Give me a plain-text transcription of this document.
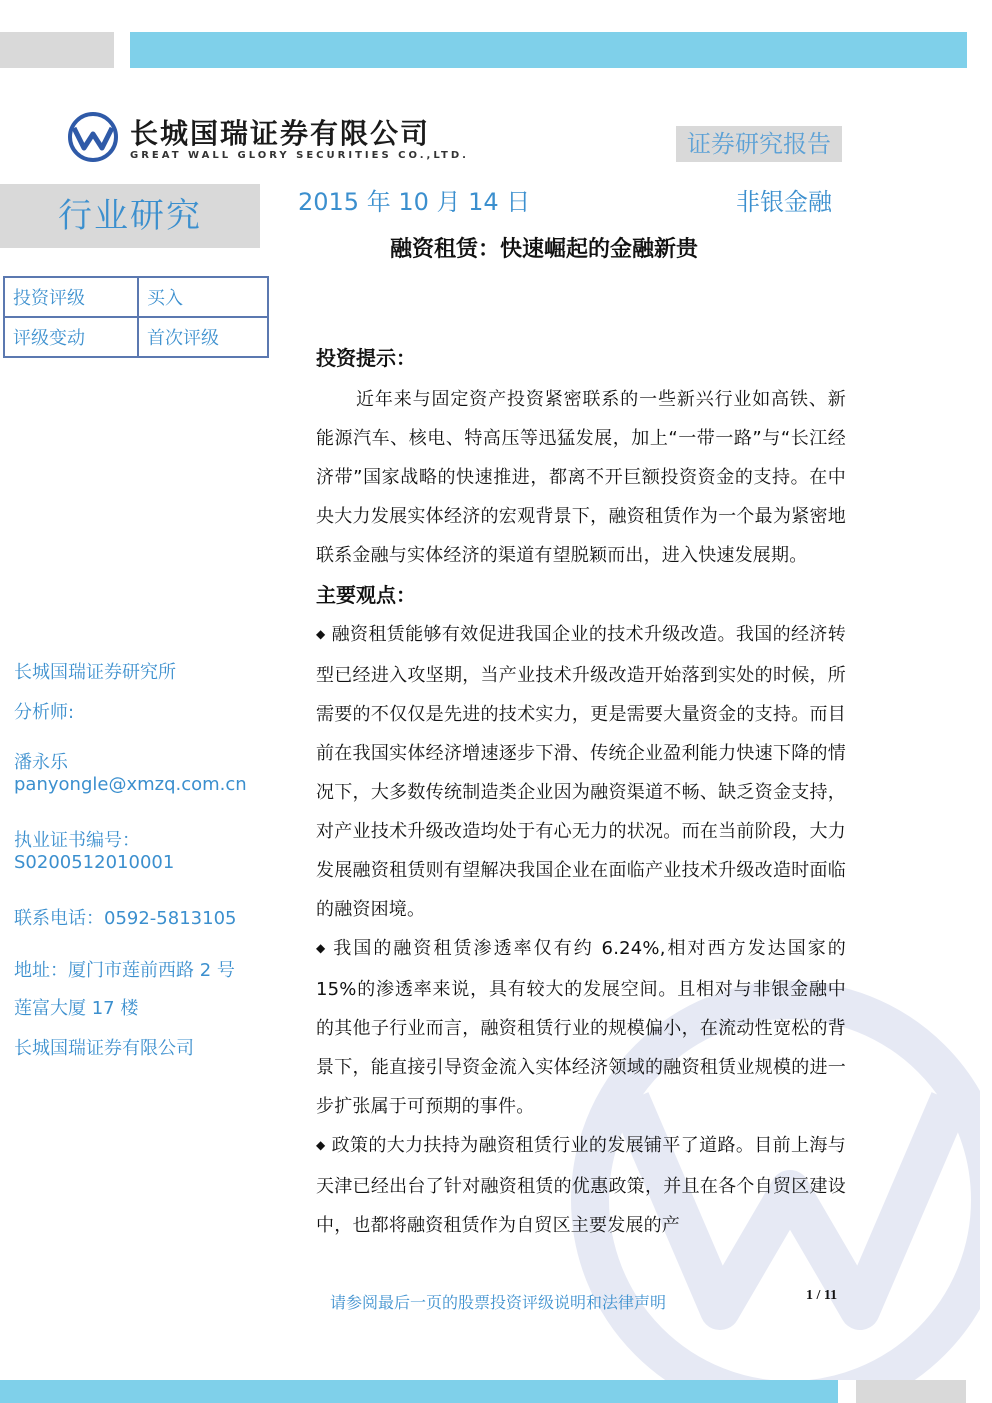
长城国瑞证券有限公司
GREAT WALL GLORY SECURITIES CO.,LTD.	证券研究报告
行业研究	2015 年 10 月 14 日	非银金融
融资租赁：快速崛起的金融新贵
投资评级	买入
评级变动	首次评级
长城国瑞证券研究所
分析师:
潘永乐
panyongle@xmzq.com.cn
执业证书编号：
S0200512010001
联系电话：0592-5813105
地址：厦门市莲前西路 2 号
莲富大厦 17 楼
长城国瑞证券有限公司
投资提示：
近年来与固定资产投资紧密联系的一些新兴行业如高铁、新能源汽车、核电、特高压等迅猛发展，加上“一带一路”与“长江经济带”国家战略的快速推进，都离不开巨额投资资金的支持。在中央大力发展实体经济的宏观背景下，融资租赁作为一个最为紧密地联系金融与实体经济的渠道有望脱颖而出，进入快速发展期。
主要观点：
◆ 融资租赁能够有效促进我国企业的技术升级改造。我国的经济转型已经进入攻坚期，当产业技术升级改造开始落到实处的时候，所需要的不仅仅是先进的技术实力，更是需要大量资金的支持。而目前在我国实体经济增速逐步下滑、传统企业盈利能力快速下降的情况下，大多数传统制造类企业因为融资渠道不畅、缺乏资金支持，对产业技术升级改造均处于有心无力的状况。而在当前阶段，大力发展融资租赁则有望解决我国企业在面临产业技术升级改造时面临的融资困境。
◆ 我国的融资租赁渗透率仅有约 6.24%,相对西方发达国家的 15%的渗透率来说，具有较大的发展空间。且相对与非银金融中的其他子行业而言，融资租赁行业的规模偏小，在流动性宽松的背景下，能直接引导资金流入实体经济领域的融资租赁业规模的进一步扩张属于可预期的事件。
◆ 政策的大力扶持为融资租赁行业的发展铺平了道路。目前上海与天津已经出台了针对融资租赁的优惠政策，并且在各个自贸区建设中，也都将融资租赁作为自贸区主要发展的产
请参阅最后一页的股票投资评级说明和法律声明	1 / 11
